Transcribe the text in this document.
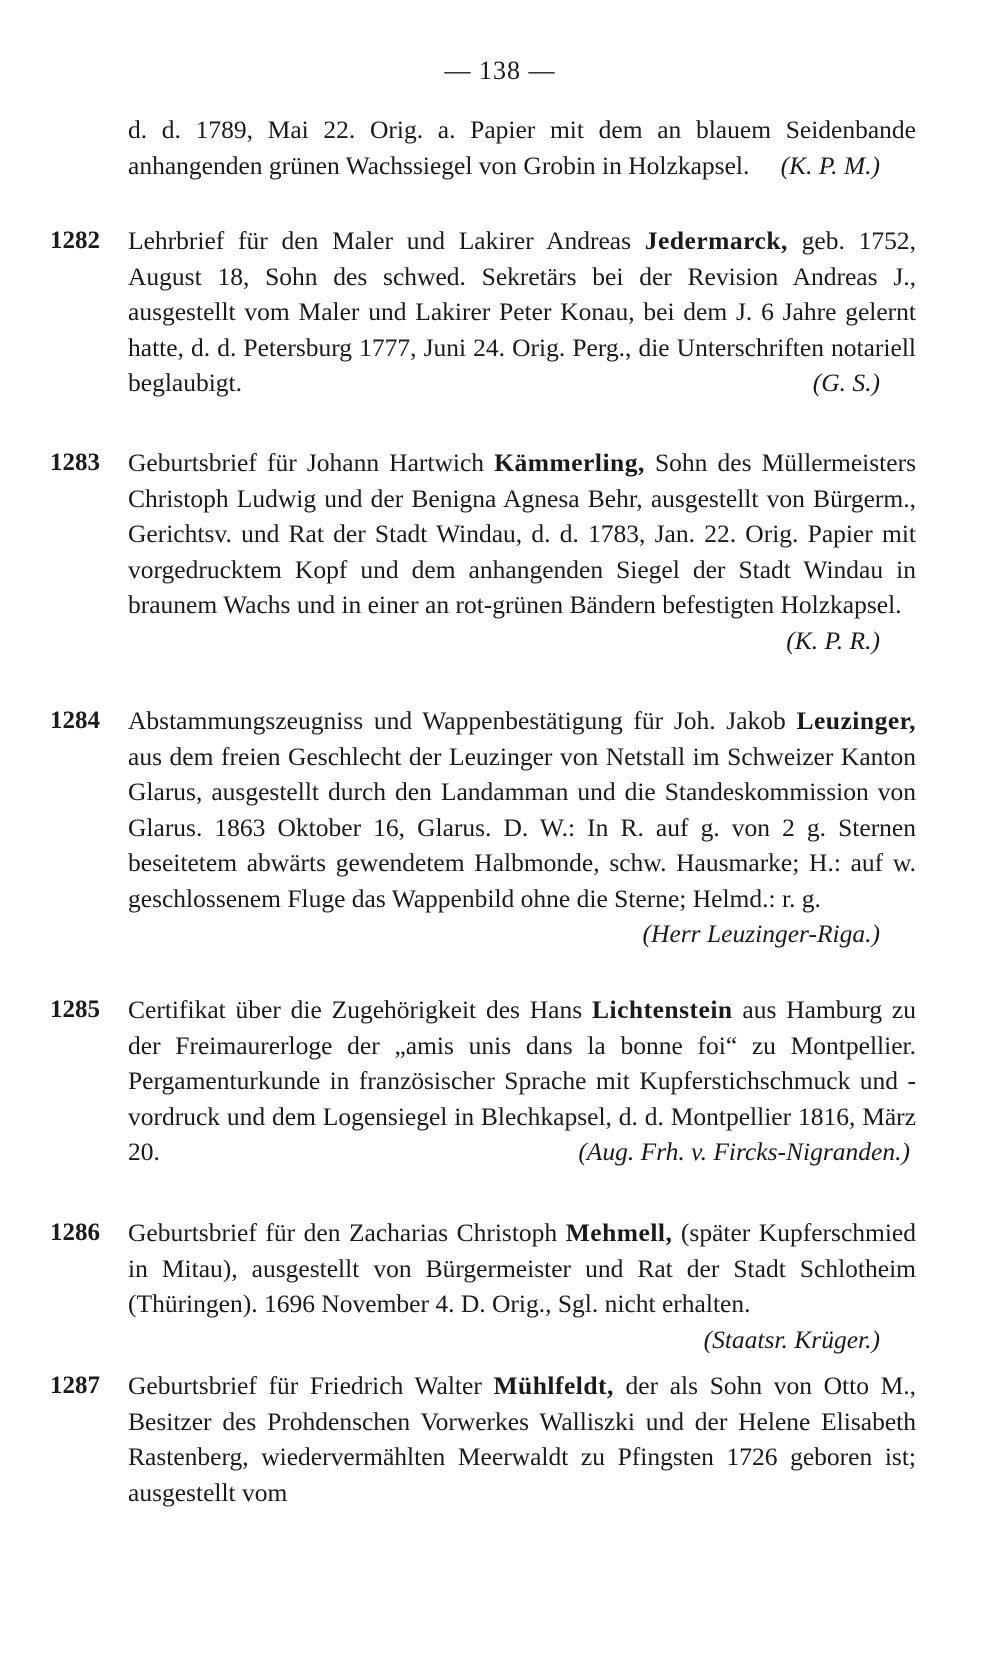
— 138 —
d. d. 1789, Mai 22. Orig. a. Papier mit dem an blauem Seidenbande anhangenden grünen Wachssiegel von Grobin in Holzkapsel. (K. P. M.)
1282	Lehrbrief für den Maler und Lakirer Andreas Jedermarck, geb. 1752, August 18, Sohn des schwed. Sekretärs bei der Revision Andreas J., ausgestellt vom Maler und Lakirer Peter Konau, bei dem J. 6 Jahre gelernt hatte, d. d. Petersburg 1777, Juni 24. Orig. Perg., die Unterschriften notariell beglaubigt.	(G. S.)
1283	Geburtsbrief für Johann Hartwich Kämmerling, Sohn des Müllermeisters Christoph Ludwig und der Benigna Agnesa Behr, ausgestellt von Bürgerm., Gerichtsv. und Rat der Stadt Windau, d. d. 1783, Jan. 22. Orig. Papier mit vorgedrucktem Kopf und dem anhangenden Siegel der Stadt Windau in braunem Wachs und in einer an rot-grünen Bändern befestigten Holzkapsel.
(K. P. R.)
1284	Abstammungszeugniss und Wappenbestätigung für Joh. Jakob Leuzinger, aus dem freien Geschlecht der Leuzinger von Netstall im Schweizer Kanton Glarus, ausgestellt durch den Landamman und die Standeskommission von Glarus. 1863 Oktober 16, Glarus. D. W.: In R. auf g. von 2 g. Sternen beseitetem abwärts gewendetem Halbmonde, schw. Hausmarke; H.: auf w. geschlossenem Fluge das Wappenbild ohne die Sterne; Helmd.: r. g.
(Herr Leuzinger-Riga.)
1285	Certifikat über die Zugehörigkeit des Hans Lichtenstein aus Hamburg zu der Freimaurerloge der „amis unis dans la bonne foi“ zu Montpellier. Pergamenturkunde in französischer Sprache mit Kupferstichschmuck und -vordruck und dem Logensiegel in Blechkapsel, d. d. Montpellier 1816, März 20.	(Aug. Frh. v. Fircks-Nigranden.)
1286	Geburtsbrief für den Zacharias Christoph Mehmell, (später Kupferschmied in Mitau), ausgestellt von Bürgermeister und Rat der Stadt Schlotheim (Thüringen). 1696 November 4. D. Orig., Sgl. nicht erhalten.
(Staatsr. Krüger.)
1287	Geburtsbrief für Friedrich Walter Mühlfeldt, der als Sohn von Otto M., Besitzer des Prohdenschen Vorwerkes Walliszki und der Helene Elisabeth Rastenberg, wiedervermählten Meerwaldt zu Pfingsten 1726 geboren ist; ausgestellt vom
